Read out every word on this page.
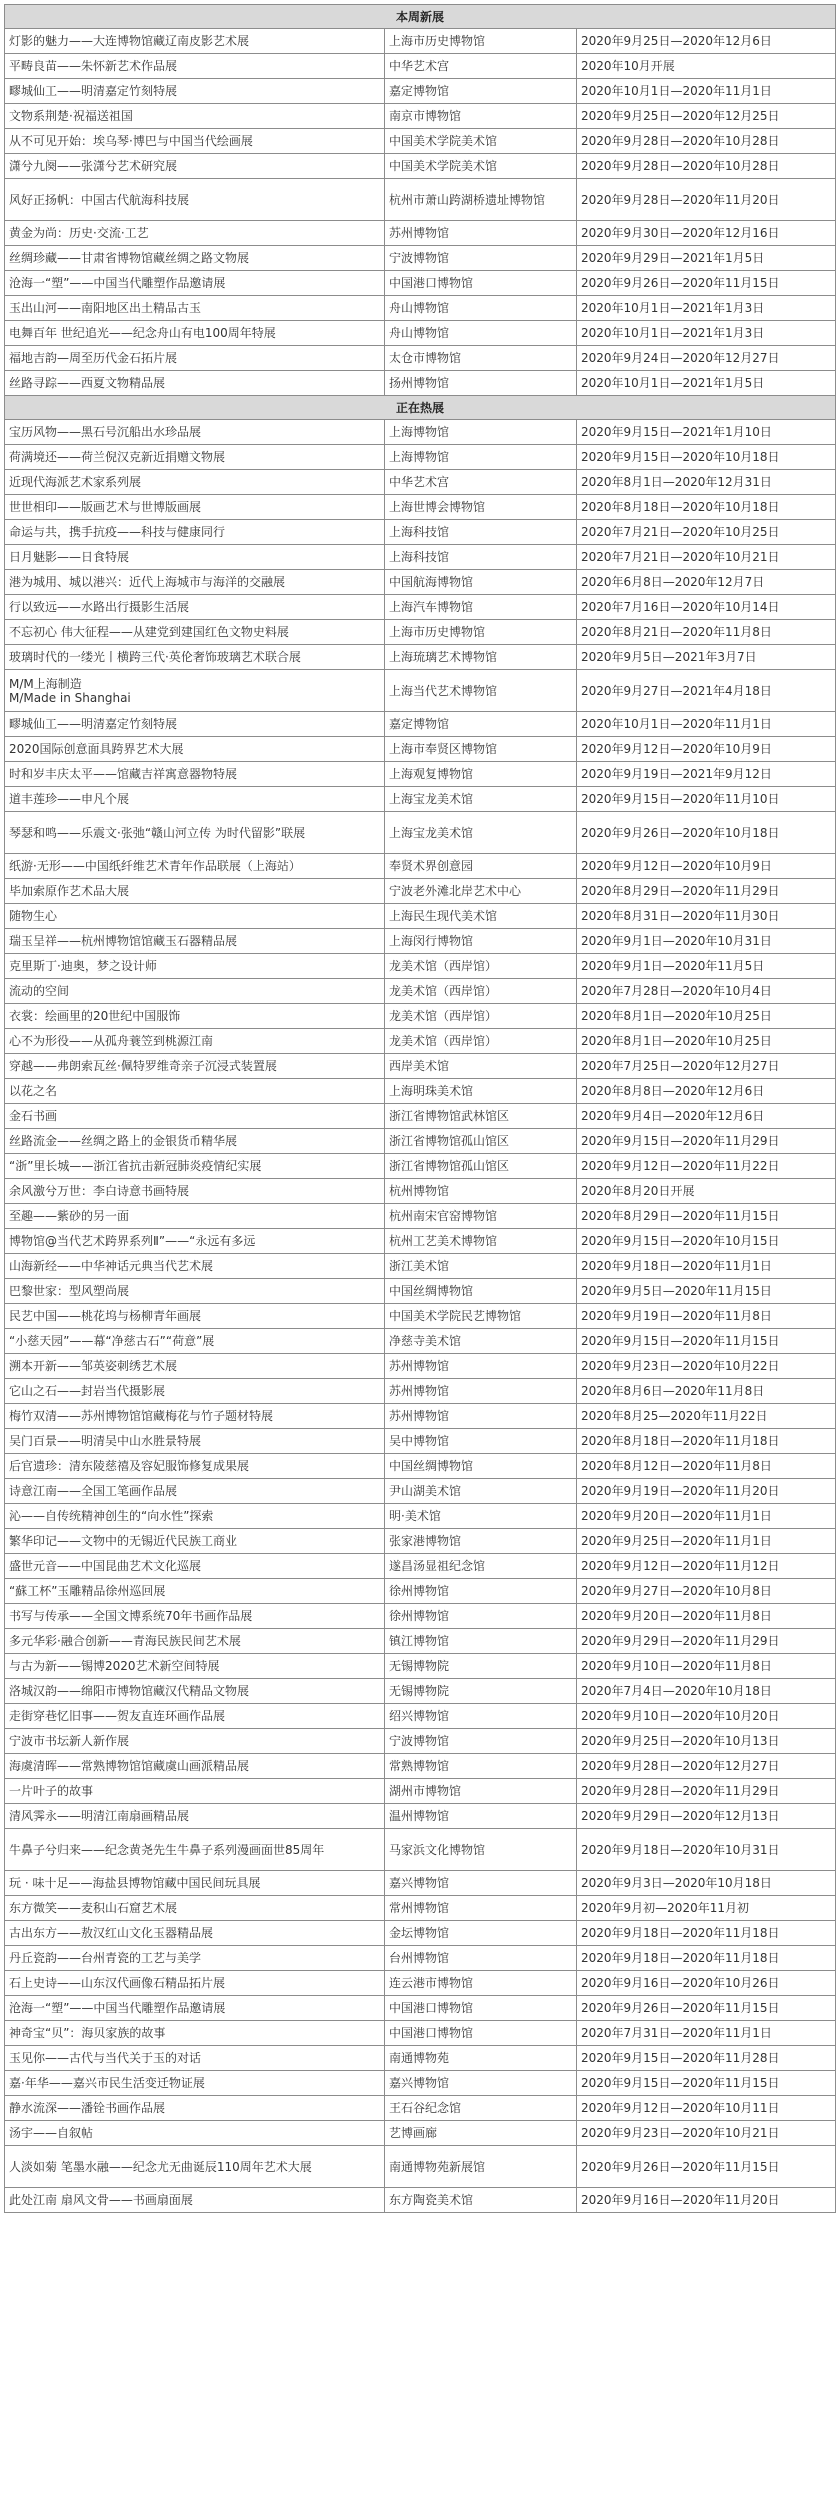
本周新展		
灯影的魅力——大连博物馆藏辽南皮影艺术展	上海市历史博物馆	2020年9月25日—2020年12月6日
平畴良苗——朱怀新艺术作品展	中华艺术宫	2020年10月开展
疁城仙工——明清嘉定竹刻特展	嘉定博物馆	2020年10月1日—2020年11月1日
文物系荆楚·祝福送祖国	南京市博物馆	2020年9月25日—2020年12月25日
从不可见开始：埃乌琴·博巴与中国当代绘画展	中国美术学院美术馆	2020年9月28日—2020年10月28日
潇兮九阕——张潇兮艺术研究展	中国美术学院美术馆	2020年9月28日—2020年10月28日
风好正扬帆：中国古代航海科技展	杭州市萧山跨湖桥遗址博物馆	2020年9月28日—2020年11月20日
黄金为尚：历史·交流·工艺	苏州博物馆	2020年9月30日—2020年12月16日
丝绸珍藏——甘肃省博物馆藏丝绸之路文物展	宁波博物馆	2020年9月29日—2021年1月5日
沧海一“塑”——中国当代雕塑作品邀请展	中国港口博物馆	2020年9月26日—2020年11月15日
玉出山河——南阳地区出土精品古玉	舟山博物馆	2020年10月1日—2021年1月3日
电舞百年 世纪追光——纪念舟山有电100周年特展	舟山博物馆	2020年10月1日—2021年1月3日
福地吉韵—周至历代金石拓片展	太仓市博物馆	2020年9月24日—2020年12月27日
丝路寻踪——西夏文物精品展	扬州博物馆	2020年10月1日—2021年1月5日
正在热展		
宝历风物——黑石号沉船出水珍品展	上海博物馆	2020年9月15日—2021年1月10日
荷满境还——荷兰倪汉克新近捐赠文物展	上海博物馆	2020年9月15日—2020年10月18日
近现代海派艺术家系列展	中华艺术宫	2020年8月1日—2020年12月31日
世世相印——版画艺术与世博版画展	上海世博会博物馆	2020年8月18日—2020年10月18日
命运与共，携手抗疫——科技与健康同行	上海科技馆	2020年7月21日—2020年10月25日
日月魅影——日食特展	上海科技馆	2020年7月21日—2020年10月21日
港为城用、城以港兴：近代上海城市与海洋的交融展	中国航海博物馆	2020年6月8日—2020年12月7日
行以致远——水路出行摄影生活展	上海汽车博物馆	2020年7月16日—2020年10月14日
不忘初心 伟大征程——从建党到建国红色文物史料展	上海市历史博物馆	2020年8月21日—2020年11月8日
玻璃时代的一缕光丨横跨三代·英伦奢饰玻璃艺术联合展	上海琉璃艺术博物馆	2020年9月5日—2021年3月7日
M/M上海制造
M/Made in Shanghai	上海当代艺术博物馆	2020年9月27日—2021年4月18日
疁城仙工——明清嘉定竹刻特展	嘉定博物馆	2020年10月1日—2020年11月1日
2020国际创意面具跨界艺术大展	上海市奉贤区博物馆	2020年9月12日—2020年10月9日
时和岁丰庆太平——馆藏吉祥寓意器物特展	上海观复博物馆	2020年9月19日—2021年9月12日
道丰莲珍——申凡个展	上海宝龙美术馆	2020年9月15日—2020年11月10日
琴瑟和鸣——乐震文·张弛“赣山河立传 为时代留影”联展	上海宝龙美术馆	2020年9月26日—2020年10月18日
纸游·无形——中国纸纤维艺术青年作品联展（上海站）	奉贤术界创意园	2020年9月12日—2020年10月9日
毕加索原作艺术品大展	宁波老外滩北岸艺术中心	2020年8月29日—2020年11月29日
随物生心	上海民生现代美术馆	2020年8月31日—2020年11月30日
瑞玉呈祥——杭州博物馆馆藏玉石器精品展	上海闵行博物馆	2020年9月1日—2020年10月31日
克里斯丁·迪奥，梦之设计师	龙美术馆（西岸馆）	2020年9月1日—2020年11月5日
流动的空间	龙美术馆（西岸馆）	2020年7月28日—2020年10月4日
衣裳：绘画里的20世纪中国服饰	龙美术馆（西岸馆）	2020年8月1日—2020年10月25日
心不为形役——从孤舟蓑笠到桃源江南	龙美术馆（西岸馆）	2020年8月1日—2020年10月25日
穿越——弗朗索瓦丝·佩特罗维奇亲子沉浸式装置展	西岸美术馆	2020年7月25日—2020年12月27日
以花之名	上海明珠美术馆	2020年8月8日—2020年12月6日
金石书画	浙江省博物馆武林馆区	2020年9月4日—2020年12月6日
丝路流金——丝绸之路上的金银货币精华展	浙江省博物馆孤山馆区	2020年9月15日—2020年11月29日
“浙”里长城——浙江省抗击新冠肺炎疫情纪实展	浙江省博物馆孤山馆区	2020年9月12日—2020年11月22日
余风激兮万世：李白诗意书画特展	杭州博物馆	2020年8月20日开展
至趣——紫砂的另一面	杭州南宋官窑博物馆	2020年8月29日—2020年11月15日
博物馆@当代艺术跨界系列Ⅱ”——“永远有多远	杭州工艺美术博物馆	2020年9月15日—2020年10月15日
山海新经——中华神话元典当代艺术展	浙江美术馆	2020年9月18日—2020年11月1日
巴黎世家：型风塑尚展	中国丝绸博物馆	2020年9月5日—2020年11月15日
民艺中国——桃花坞与杨柳青年画展	中国美术学院民艺博物馆	2020年9月19日—2020年11月8日
“小慈天园”——幕“净慈古石”“荷意”展	净慈寺美术馆	2020年9月15日—2020年11月15日
溯本开新——邹英姿刺绣艺术展	苏州博物馆	2020年9月23日—2020年10月22日
它山之石——封岩当代摄影展	苏州博物馆	2020年8月6日—2020年11月8日
梅竹双清——苏州博物馆馆藏梅花与竹子题材特展	苏州博物馆	2020年8月25—2020年11月22日
吴门百景——明清吴中山水胜景特展	吴中博物馆	2020年8月18日—2020年11月18日
后官遗珍：清东陵慈禧及容妃服饰修复成果展	中国丝绸博物馆	2020年8月12日—2020年11月8日
诗意江南——全国工笔画作品展	尹山湖美术馆	2020年9月19日—2020年11月20日
沁——自传统精神创生的“向水性”探索	明·美术馆	2020年9月20日—2020年11月1日
繁华印记——文物中的无锡近代民族工商业	张家港博物馆	2020年9月25日—2020年11月1日
盛世元音——中国昆曲艺术文化巡展	遂昌汤显祖纪念馆	2020年9月12日—2020年11月12日
“蘇工杯”玉雕精品徐州巡回展	徐州博物馆	2020年9月27日—2020年10月8日
书写与传承——全国文博系统70年书画作品展	徐州博物馆	2020年9月20日—2020年11月8日
多元华彩·融合创新——青海民族民间艺术展	镇江博物馆	2020年9月29日—2020年11月29日
与古为新——锡博2020艺术新空间特展	无锡博物院	2020年9月10日—2020年11月8日
洛城汉韵——绵阳市博物馆藏汉代精品文物展	无锡博物院	2020年7月4日—2020年10月18日
走街穿巷忆旧事——贺友直连环画作品展	绍兴博物馆	2020年9月10日—2020年10月20日
宁波市书坛新人新作展	宁波博物馆	2020年9月25日—2020年10月13日
海虞清晖——常熟博物馆馆藏虞山画派精品展	常熟博物馆	2020年9月28日—2020年12月27日
一片叶子的故事	湖州市博物馆	2020年9月28日—2020年11月29日
清风霁永——明清江南扇画精品展	温州博物馆	2020年9月29日—2020年12月13日
牛鼻子兮归来——纪念黄尧先生牛鼻子系列漫画面世85周年	马家浜文化博物馆	2020年9月18日—2020年10月31日
玩 · 味十足——海盐县博物馆藏中国民间玩具展	嘉兴博物馆	2020年9月3日—2020年10月18日
东方微笑——麦积山石窟艺术展	常州博物馆	2020年9月初—2020年11月初
古出东方——敖汉红山文化玉器精品展	金坛博物馆	2020年9月18日—2020年11月18日
丹丘瓷韵——台州青瓷的工艺与美学	台州博物馆	2020年9月18日—2020年11月18日
石上史诗——山东汉代画像石精品拓片展	连云港市博物馆	2020年9月16日—2020年10月26日
沧海一“塑”——中国当代雕塑作品邀请展	中国港口博物馆	2020年9月26日—2020年11月15日
神奇宝“贝”：海贝家族的故事	中国港口博物馆	2020年7月31日—2020年11月1日
玉见你——古代与当代关于玉的对话	南通博物苑	2020年9月15日—2020年11月28日
嘉·年华——嘉兴市民生活变迁物证展	嘉兴博物馆	2020年9月15日—2020年11月15日
静水流深——潘铨书画作品展	王石谷纪念馆	2020年9月12日—2020年10月11日
汤宇——自叙帖	艺博画廊	2020年9月23日—2020年10月21日
人淡如菊 笔墨水融——纪念尤无曲诞辰110周年艺术大展	南通博物苑新展馆	2020年9月26日—2020年11月15日
此处江南 扇风文骨——书画扇面展	东方陶瓷美术馆	2020年9月16日—2020年11月20日
